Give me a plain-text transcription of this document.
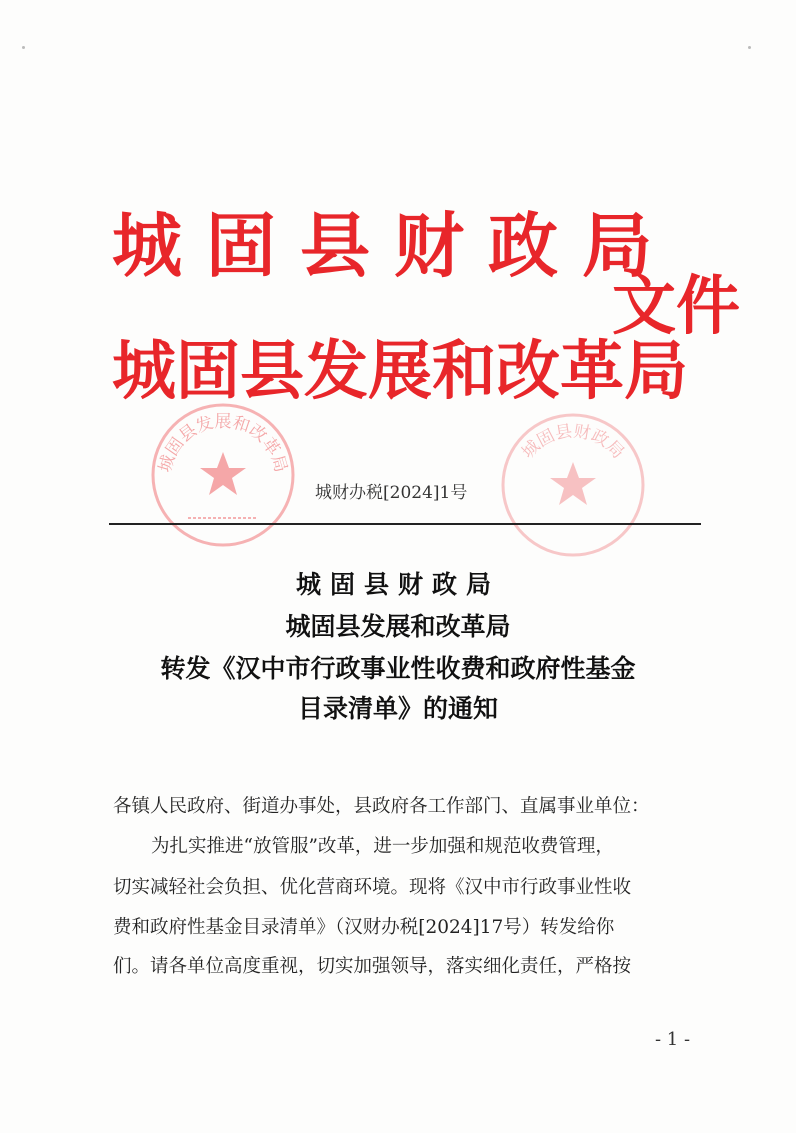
城固县财政局
城固县发展和改革局
文件
城固县发展和改革局
城固县财政局
城财办税[2024]1号
城固县财政局
城固县发展和改革局
转发《汉中市行政事业性收费和政府性基金
目录清单》的通知
各镇人民政府、街道办事处，县政府各工作部门、直属事业单位：
为扎实推进“放管服”改革，进一步加强和规范收费管理，
切实减轻社会负担、优化营商环境。现将《汉中市行政事业性收
费和政府性基金目录清单》（汉财办税[2024]17号）转发给你
们。请各单位高度重视，切实加强领导，落实细化责任，严格按
- 1 -
